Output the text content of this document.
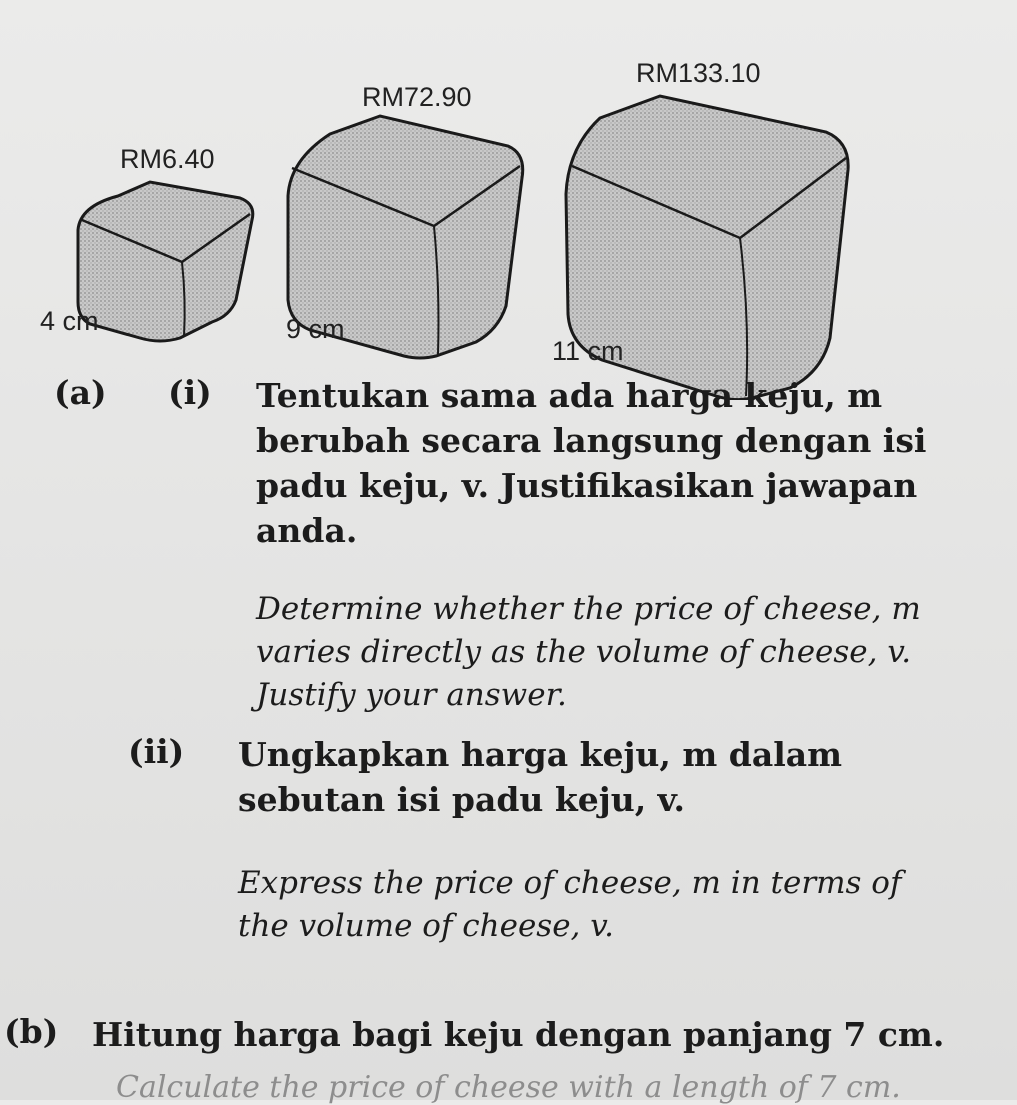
RM6.40
4 cm
RM72.90
9 cm
RM133.10
11 cm
(a) (i) Tentukan sama ada harga keju, m berubah secara langsung dengan isi padu keju, v. Justifikasikan jawapan anda.
Determine whether the price of cheese, m varies directly as the volume of cheese, v. Justify your answer.
(ii) Ungkapkan harga keju, m dalam sebutan isi padu keju, v.
Express the price of cheese, m in terms of the volume of cheese, v.
(b) Hitung harga bagi keju dengan panjang 7 cm.
Calculate the price of cheese with a length of 7 cm.
